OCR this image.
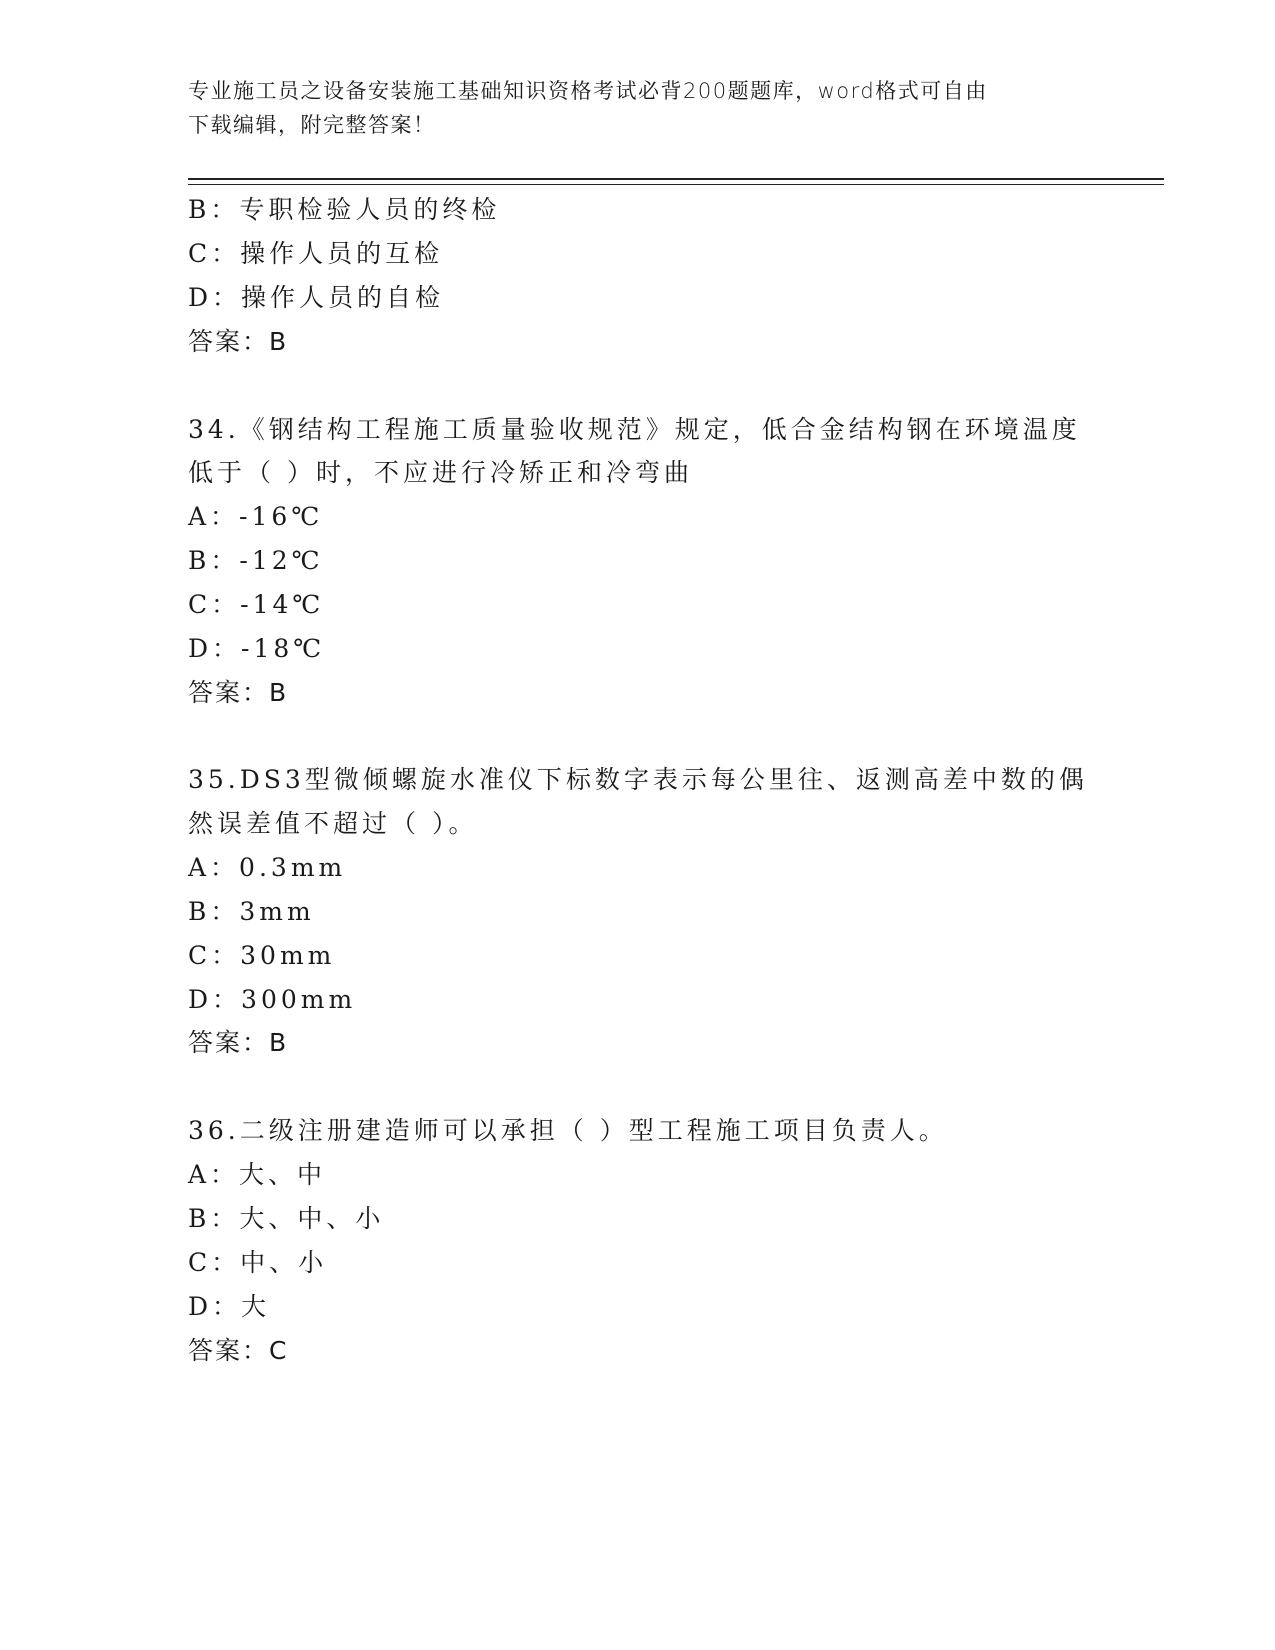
专业施工员之设备安装施工基础知识资格考试必背200题题库，word格式可自由
下载编辑，附完整答案！
B：专职检验人员的终检
C：操作人员的互检
D：操作人员的自检
答案：B
34.《钢结构工程施工质量验收规范》规定，低合金结构钢在环境温度
低于（ ）时，不应进行冷矫正和冷弯曲
A：-16℃
B：-12℃
C：-14℃
D：-18℃
答案：B
35.DS3型微倾螺旋水准仪下标数字表示每公里往、返测高差中数的偶
然误差值不超过（ ）。
A：0.3mm
B：3mm
C：30mm
D：300mm
答案：B
36.二级注册建造师可以承担（ ）型工程施工项目负责人。
A：大、中
B：大、中、小
C：中、小
D：大
答案：C
